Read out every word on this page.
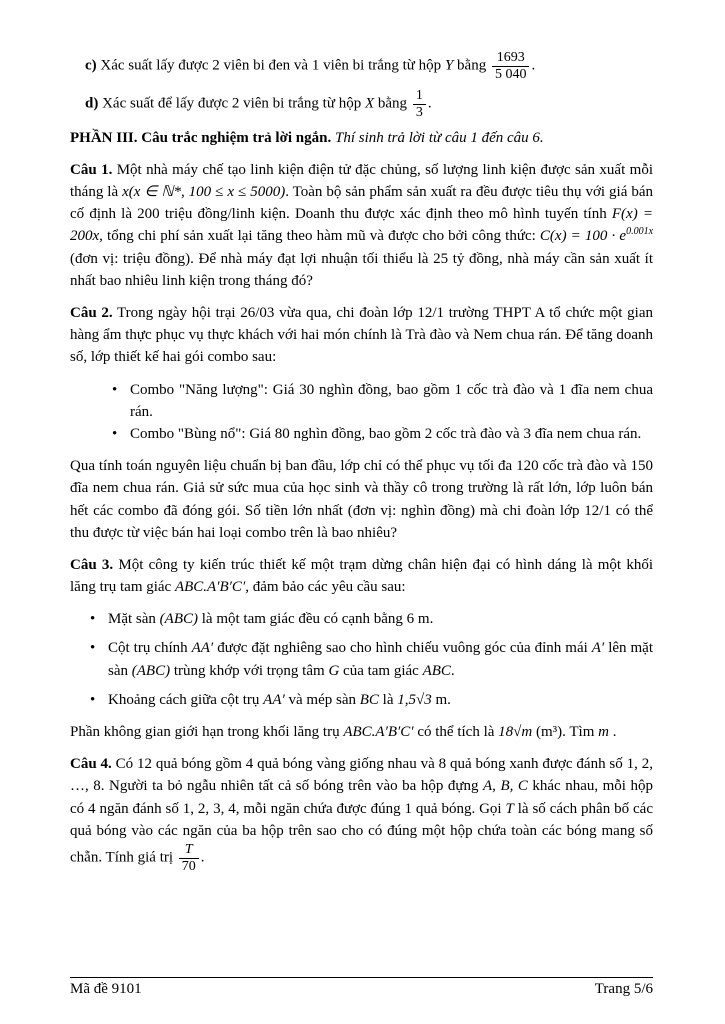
c) Xác suất lấy được 2 viên bi đen và 1 viên bi trắng từ hộp Y bằng $\frac{1693}{5 040}$ .

d) Xác suất để lấy được 2 viên bi trắng từ hộp X bằng $\frac{1}{3}$ .

PHẦN III. Câu trắc nghiệm trả lời ngắn. Thí sinh trả lời từ câu 1 đến câu 6.

Câu 1. Một nhà máy chế tạo linh kiện điện tử đặc chủng, số lượng linh kiện được sản xuất mỗi tháng là x(x ∈ ℕ*, 100 ≤ x ≤ 5000). Toàn bộ sản phẩm sản xuất ra đều được tiêu thụ với giá bán cố định là 200 triệu đồng/linh kiện. Doanh thu được xác định theo mô hình tuyến tính F(x) = 200x, tổng chi phí sản xuất lại tăng theo hàm mũ và được cho bởi công thức: $C(x) = 100 \cdot e^{0.001x}$ (đơn vị: triệu đồng). Để nhà máy đạt lợi nhuận tối thiểu là 25 tỷ đồng, nhà máy cần sản xuất ít nhất bao nhiêu linh kiện trong tháng đó?

Câu 2. Trong ngày hội trại 26/03 vừa qua, chi đoàn lớp 12/1 trường THPT A tổ chức một gian hàng ẩm thực phục vụ thực khách với hai món chính là Trà đào và Nem chua rán. Để tăng doanh số, lớp thiết kế hai gói combo sau:

• Combo "Năng lượng": Giá 30 nghìn đồng, bao gồm 1 cốc trà đào và 1 đĩa nem chua rán.
• Combo "Bùng nổ": Giá 80 nghìn đồng, bao gồm 2 cốc trà đào và 3 đĩa nem chua rán.

Qua tính toán nguyên liệu chuẩn bị ban đầu, lớp chỉ có thể phục vụ tối đa 120 cốc trà đào và 150 đĩa nem chua rán. Giả sử sức mua của học sinh và thầy cô trong trường là rất lớn, lớp luôn bán hết các combo đã đóng gói. Số tiền lớn nhất (đơn vị: nghìn đồng) mà chi đoàn lớp 12/1 có thể thu được từ việc bán hai loại combo trên là bao nhiêu?

Câu 3. Một công ty kiến trúc thiết kế một trạm dừng chân hiện đại có hình dáng là một khối lăng trụ tam giác ABC.A′B′C′, đảm bảo các yêu cầu sau:

• Mặt sàn (ABC) là một tam giác đều có cạnh bằng 6 m.
• Cột trụ chính AA′ được đặt nghiêng sao cho hình chiếu vuông góc của đỉnh mái A′ lên mặt sàn (ABC) trùng khớp với trọng tâm G của tam giác ABC.
• Khoảng cách giữa cột trụ AA′ và mép sàn BC là 1,5√3 m.

Phần không gian giới hạn trong khối lăng trụ ABC.A′B′C′ có thể tích là 18√m (m³). Tìm m .

Câu 4. Có 12 quả bóng gồm 4 quả bóng vàng giống nhau và 8 quả bóng xanh được đánh số 1, 2, …, 8. Người ta bỏ ngẫu nhiên tất cả số bóng trên vào ba hộp đựng A, B, C khác nhau, mỗi hộp có 4 ngăn đánh số 1, 2, 3, 4, mỗi ngăn chứa được đúng 1 quả bóng. Gọi T là số cách phân bố các quả bóng vào các ngăn của ba hộp trên sao cho có đúng một hộp chứa toàn các bóng mang số chẵn. Tính giá trị $\frac{T}{70}$ .

Mã đề 9101	Trang 5/6
